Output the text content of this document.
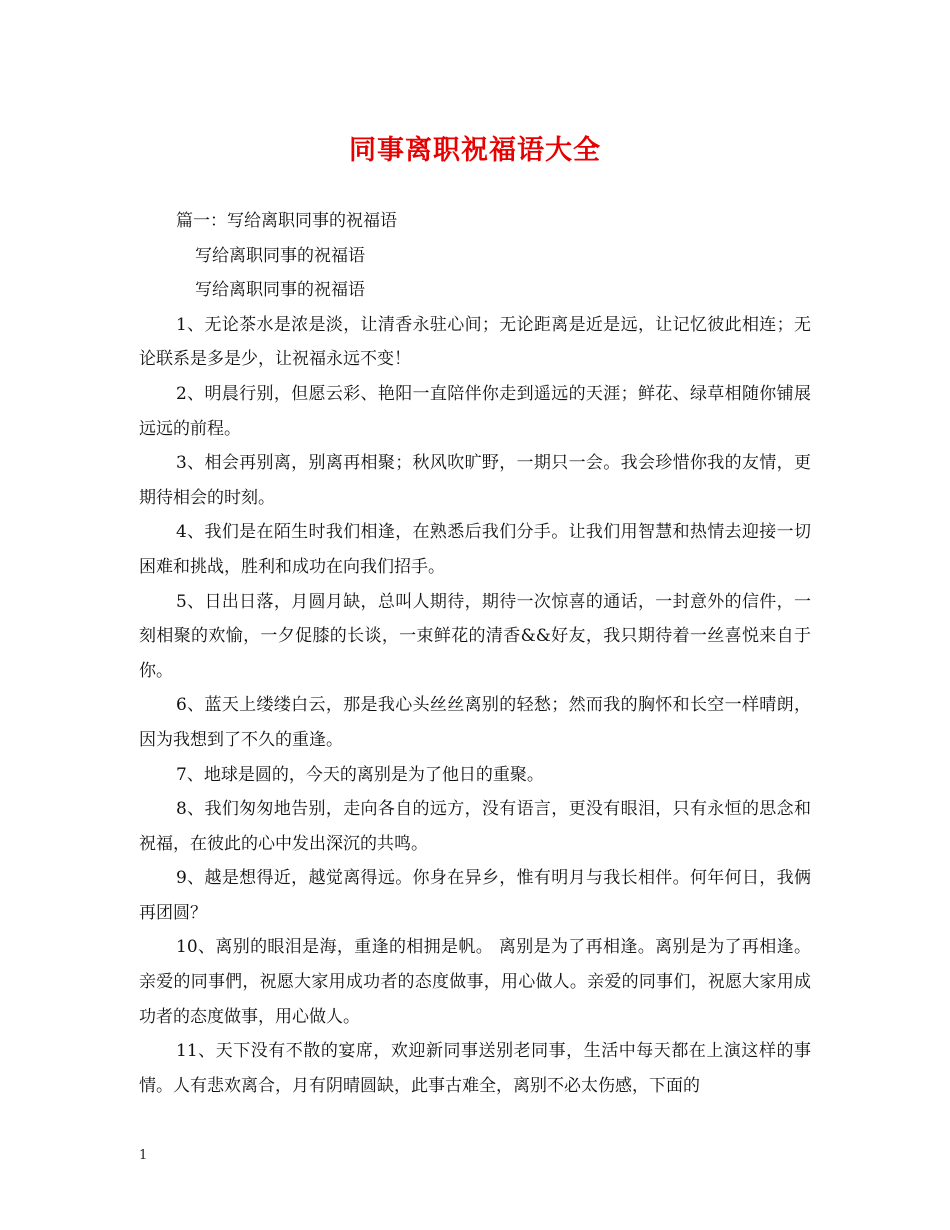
同事离职祝福语大全

篇一：写给离职同事的祝福语

写给离职同事的祝福语

写给离职同事的祝福语

1、无论茶水是浓是淡，让清香永驻心间；无论距离是近是远，让记忆彼此相连；无论联系是多是少，让祝福永远不变！

2、明晨行别，但愿云彩、艳阳一直陪伴你走到遥远的天涯；鲜花、绿草相随你铺展远远的前程。

3、相会再别离，别离再相聚；秋风吹旷野，一期只一会。我会珍惜你我的友情，更期待相会的时刻。

4、我们是在陌生时我们相逢，在熟悉后我们分手。让我们用智慧和热情去迎接一切困难和挑战，胜利和成功在向我们招手。

5、日出日落，月圆月缺，总叫人期待，期待一次惊喜的通话，一封意外的信件，一刻相聚的欢愉，一夕促膝的长谈，一束鲜花的清香&&好友，我只期待着一丝喜悦来自于你。

6、蓝天上缕缕白云，那是我心头丝丝离别的轻愁；然而我的胸怀和长空一样晴朗，因为我想到了不久的重逢。

7、地球是圆的，今天的离别是为了他日的重聚。

8、我们匆匆地告别，走向各自的远方，没有语言，更没有眼泪，只有永恒的思念和祝福，在彼此的心中发出深沉的共鸣。

9、越是想得近，越觉离得远。你身在异乡，惟有明月与我长相伴。何年何日，我俩再团圆？

10、离别的眼泪是海，重逢的相拥是帆。 离别是为了再相逢。离别是为了再相逢。亲爱的同事們，祝愿大家用成功者的态度做事，用心做人。亲爱的同事们，祝愿大家用成功者的态度做事，用心做人。

11、天下没有不散的宴席，欢迎新同事送别老同事，生活中每天都在上演这样的事情。人有悲欢离合，月有阴晴圆缺，此事古难全，离别不必太伤感，下面的

1
